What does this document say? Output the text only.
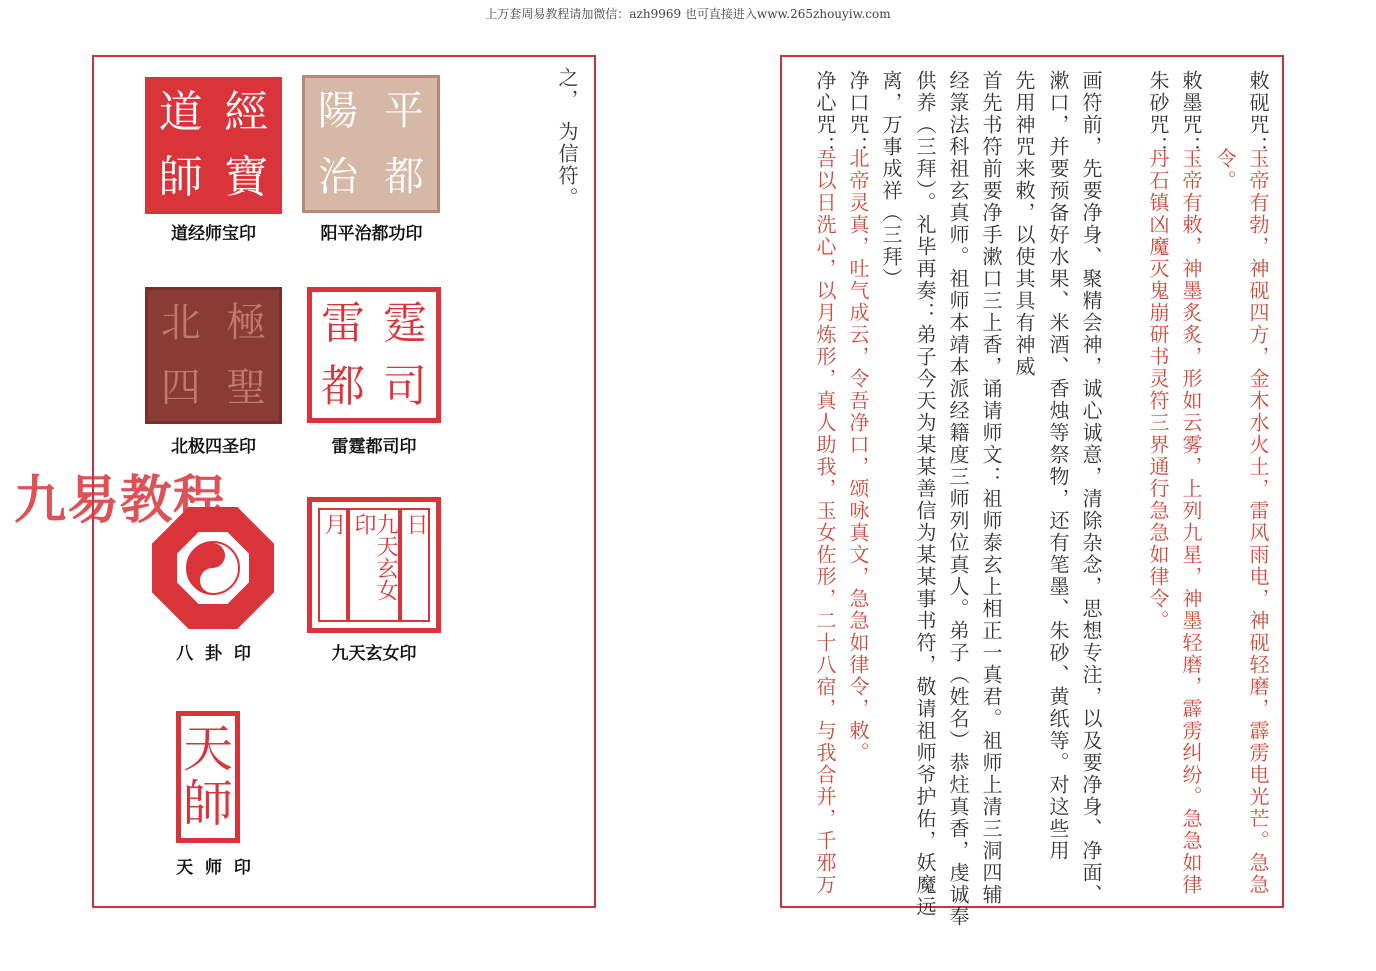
上万套周易教程请加微信：azh9969 也可直接进入www.265zhouyiw.com
之，
为信符。
道 經
師 寶
道经师宝印
陽 平
治 都
阳平治都功印
北 極
四 聖
北极四圣印
雷 霆
都 司
雷霆都司印
八  卦  印
日
九天玄女印
月
九天玄女印
天
師
天  师  印
九易教程
敕砚咒：
玉帝有勃，神砚四方，金木水火土，雷风雨电，神砚轻磨，霹雳电光芒。急急
令。
敕墨咒：
玉帝有敕，神墨炙炙，形如云雾，上列九星，神墨轻磨，霹雳纠纷。急急如律
朱砂咒：
丹石镇凶魔灭鬼崩研书灵符三界通行急急如律令。
画符前，先要净身、聚精会神，诚心诚意，清除杂念，思想专注，以及要净身、净面、
漱口，并要预备好水果、米酒、香烛等祭物，还有笔墨、朱砂、黄纸等。对这些用
先用神咒来敕，以使其具有神威
首先书符前要净手漱口三上香，诵请师文：祖师泰玄上相正一真君。祖师上清三洞四辅
经箓法科祖玄真师。祖师本靖本派经籍度三师列位真人。弟子（姓名）恭炷真香，虔诚奉
供养（三拜）。礼毕再奏：弟子今天为某某善信为某某事书符，敬请祖师爷护佑，妖魔远
离，万事成祥（三拜）
净口咒：
北帝灵真，吐气成云，令吾净口，颂咏真文，急急如律令，敕。
净心咒：
吾以日洗心，以月炼形，真人助我，玉女佐形，二十八宿，与我合并，千邪万
